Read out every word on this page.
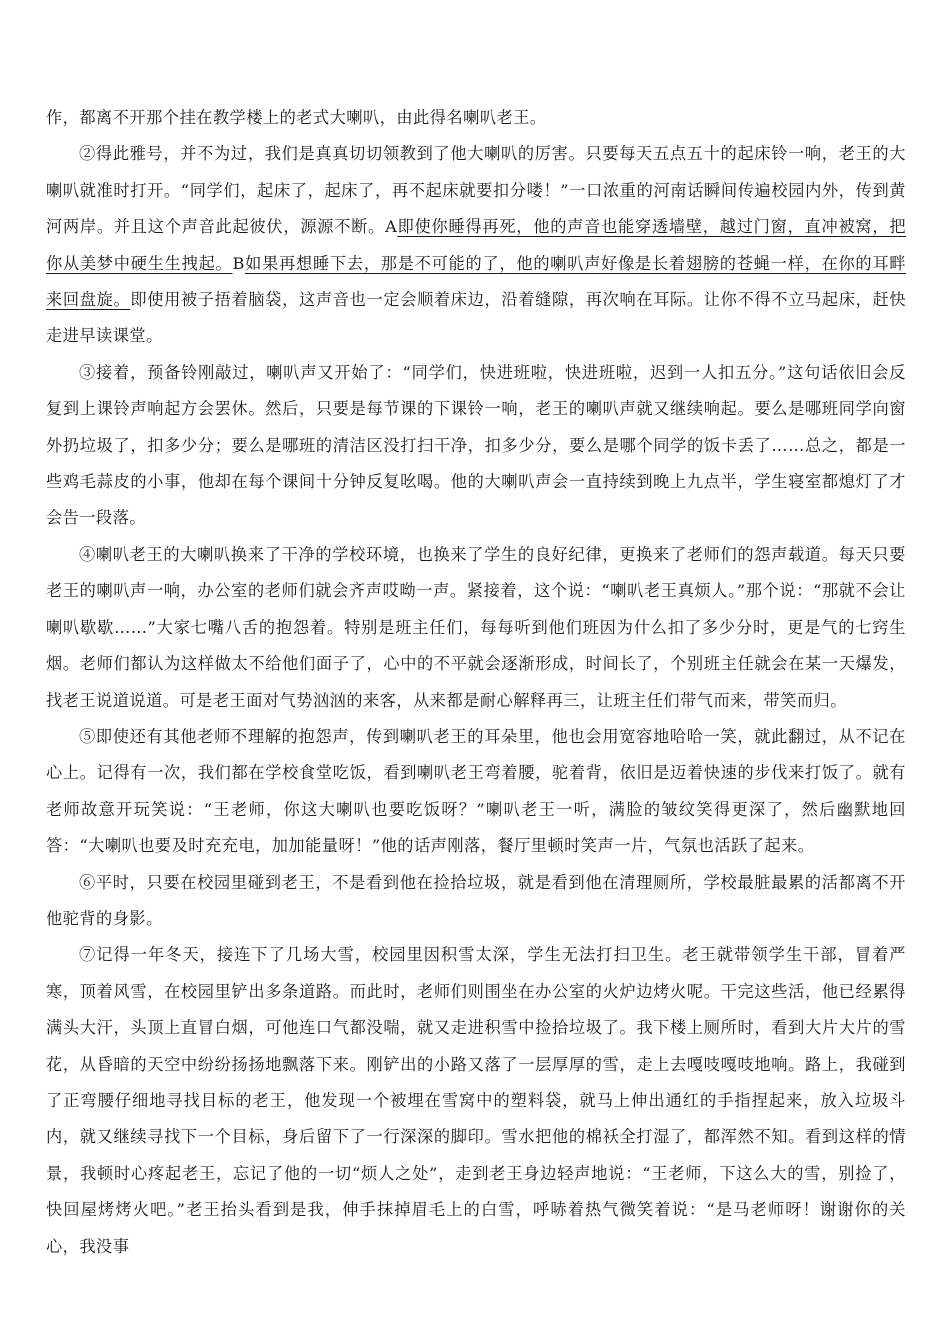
作，都离不开那个挂在教学楼上的老式大喇叭，由此得名喇叭老王。

②得此雅号，并不为过，我们是真真切切领教到了他大喇叭的厉害。只要每天五点五十的起床铃一响，老王的大喇叭就准时打开。“同学们，起床了，起床了，再不起床就要扣分喽！”一口浓重的河南话瞬间传遍校园内外，传到黄河两岸。并且这个声音此起彼伏，源源不断。A即使你睡得再死，他的声音也能穿透墙壁，越过门窗，直冲被窝，把你从美梦中硬生生拽起。B如果再想睡下去，那是不可能的了，他的喇叭声好像是长着翅膀的苍蝇一样，在你的耳畔来回盘旋。即使用被子捂着脑袋，这声音也一定会顺着床边，沿着缝隙，再次响在耳际。让你不得不立马起床，赶快走进早读课堂。

③接着，预备铃刚敲过，喇叭声又开始了：“同学们，快进班啦，快进班啦，迟到一人扣五分。”这句话依旧会反复到上课铃声响起方会罢休。然后，只要是每节课的下课铃一响，老王的喇叭声就又继续响起。要么是哪班同学向窗外扔垃圾了，扣多少分；要么是哪班的清洁区没打扫干净，扣多少分，要么是哪个同学的饭卡丢了……总之，都是一些鸡毛蒜皮的小事，他却在每个课间十分钟反复吆喝。他的大喇叭声会一直持续到晚上九点半，学生寝室都熄灯了才会告一段落。

④喇叭老王的大喇叭换来了干净的学校环境，也换来了学生的良好纪律，更换来了老师们的怨声载道。每天只要老王的喇叭声一响，办公室的老师们就会齐声哎呦一声。紧接着，这个说：“喇叭老王真烦人。”那个说：“那就不会让喇叭歇歇……”大家七嘴八舌的抱怨着。特别是班主任们，每每听到他们班因为什么扣了多少分时，更是气的七窍生烟。老师们都认为这样做太不给他们面子了，心中的不平就会逐渐形成，时间长了，个别班主任就会在某一天爆发，找老王说道说道。可是老王面对气势汹汹的来客，从来都是耐心解释再三，让班主任们带气而来，带笑而归。

⑤即使还有其他老师不理解的抱怨声，传到喇叭老王的耳朵里，他也会用宽容地哈哈一笑，就此翻过，从不记在心上。记得有一次，我们都在学校食堂吃饭，看到喇叭老王弯着腰，驼着背，依旧是迈着快速的步伐来打饭了。就有老师故意开玩笑说：“王老师，你这大喇叭也要吃饭呀？”喇叭老王一听，满脸的皱纹笑得更深了，然后幽默地回答：“大喇叭也要及时充充电，加加能量呀！”他的话声刚落，餐厅里顿时笑声一片，气氛也活跃了起来。

⑥平时，只要在校园里碰到老王，不是看到他在捡拾垃圾，就是看到他在清理厕所，学校最脏最累的活都离不开他驼背的身影。

⑦记得一年冬天，接连下了几场大雪，校园里因积雪太深，学生无法打扫卫生。老王就带领学生干部，冒着严寒，顶着风雪，在校园里铲出多条道路。而此时，老师们则围坐在办公室的火炉边烤火呢。干完这些活，他已经累得满头大汗，头顶上直冒白烟，可他连口气都没喘，就又走进积雪中捡拾垃圾了。我下楼上厕所时，看到大片大片的雪花，从昏暗的天空中纷纷扬扬地飘落下来。刚铲出的小路又落了一层厚厚的雪，走上去嘎吱嘎吱地响。路上，我碰到了正弯腰仔细地寻找目标的老王，他发现一个被埋在雪窝中的塑料袋，就马上伸出通红的手指捏起来，放入垃圾斗内，就又继续寻找下一个目标，身后留下了一行深深的脚印。雪水把他的棉袄全打湿了，都浑然不知。看到这样的情景，我顿时心疼起老王，忘记了他的一切“烦人之处”，走到老王身边轻声地说：“王老师，下这么大的雪，别捡了，快回屋烤烤火吧。”老王抬头看到是我，伸手抹掉眉毛上的白雪，呼哧着热气微笑着说：“是马老师呀！谢谢你的关心，我没事
